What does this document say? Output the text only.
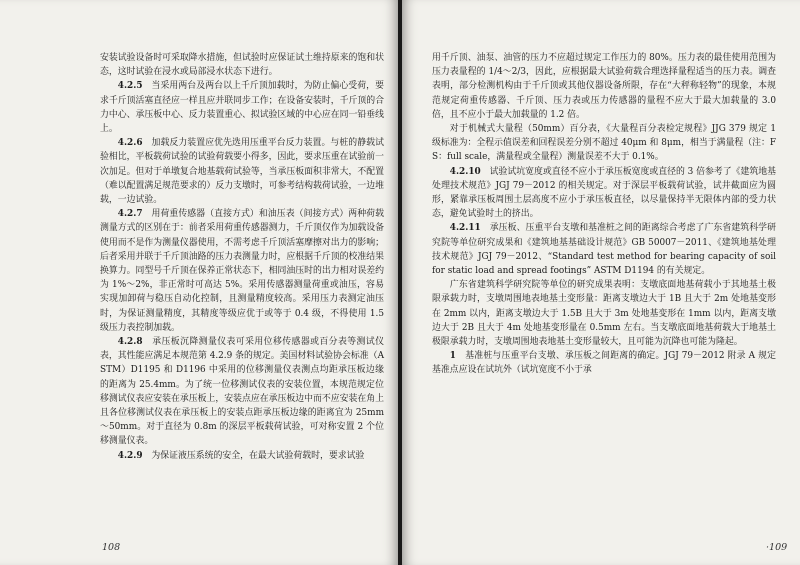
安装试验设备时可采取降水措施，但试验时应保证试土维持原来的饱和状态，这时试验在浸水或局部浸水状态下进行。

4.2.5　 当采用两台及两台以上千斤顶加载时，为防止偏心受荷，要求千斤顶活塞直径应一样且应并联同步工作；在设备安装时，千斤顶的合力中心、承压板中心、反力装置重心、拟试验区域的中心应在同一铅垂线上。

4.2.6　 加载反力装置应优先选用压重平台反力装置。与桩的静载试验相比，平板载荷试验的试验荷载要小得多，因此，要求压重在试验前一次加足。但对于单墩复合地基载荷试验等，当承压板面积非常大，不配置（难以配置满足规范要求的）反力支墩时，可参考结构载荷试验，一边堆载，一边试验。

4.2.7　 用荷重传感器（直接方式）和油压表（间接方式）两种荷载测量方式的区别在于：前者采用荷重传感器测力，千斤顶仅作为加载设备使用而不是作为测量仪器使用，不需考虑千斤顶活塞摩擦对出力的影响；后者采用并联于千斤顶油路的压力表测量力时，应根据千斤顶的校准结果换算力。同型号千斤顶在保养正常状态下，相同油压时的出力相对误差约为 1%～2%，非正常时可高达 5%。采用传感器测量荷重或油压，容易实现加卸荷与稳压自动化控制，且测量精度较高。采用压力表测定油压时，为保证测量精度，其精度等级应优于或等于 0.4 级，不得使用 1.5 级压力表控制加载。

4.2.8　 承压板沉降测量仪表可采用位移传感器或百分表等测试仪表，其性能应满足本规范第 4.2.9 条的规定。美国材料试验协会标准（ASTM）D1195 和 D1196 中采用的位移测量仪表测点均距承压板边缘的距离为 25.4mm。为了统一位移测试仪表的安装位置，本规范规定位移测试仪表应安装在承压板上，安装点应在承压板边中而不应安装在角上且各位移测试仪表在承压板上的安装点距承压板边缘的距离宜为 25mm～50mm。对于直径为 0.8m 的深层平板载荷试验，可对称安置 2 个位移测量仪表。

4.2.9　 为保证液压系统的安全，在最大试验荷载时，要求试验

108

用千斤顶、油泵、油管的压力不应超过规定工作压力的 80%。压力表的最佳使用范围为压力表量程的 1/4～2/3，因此，应根据最大试验荷载合理选择量程适当的压力表。调查表明，部分检测机构由于千斤顶或其他仪器设备所限，存在“大秤称轻物”的现象，本规范规定荷重传感器、千斤顶、压力表或压力传感器的量程不应大于最大加载量的 3.0 倍，且不应小于最大加载量的 1.2 倍。

对于机械式大量程（50mm）百分表，《大量程百分表检定规程》JJG 379 规定 1 级标准为：全程示值误差和回程误差分别不超过 40μm 和 8μm，相当于满量程（注：FS：full scale，满量程或全量程）测量误差不大于 0.1%。

4.2.10　 试验试坑宽度或直径不应小于承压板宽度或直径的 3 倍参考了《建筑地基处理技术规范》JGJ 79－2012 的相关规定。对于深层平板载荷试验，试井截面应为圆形，紧靠承压板周围土层高度不应小于承压板直径，以尽量保持半无限体内部的受力状态，避免试验时土的挤出。

4.2.11　 承压板、压重平台支墩和基准桩之间的距离综合考虑了广东省建筑科学研究院等单位研究成果和《建筑地基基础设计规范》GB 50007－2011、《建筑地基处理技术规范》JGJ 79－2012、“Standard test method for bearing capacity of soil for static load and spread footings” ASTM D1194 的有关规定。

广东省建筑科学研究院等单位的研究成果表明：支墩底面地基荷载小于其地基土极限承载力时，支墩周围地表地基土变形量：距离支墩边大于 1B 且大于 2m 处地基变形在 2mm 以内，距离支墩边大于 1.5B 且大于 3m 处地基变形在 1mm 以内，距离支墩边大于 2B 且大于 4m 处地基变形量在 0.5mm 左右。当支墩底面地基荷载大于地基土极限承载力时，支墩周围地表地基土变形量较大，且可能为沉降也可能为隆起。

1　 基准桩与压重平台支墩、承压板之间距离的确定。JGJ 79－2012 附录 A 规定基准点应设在试坑外（试坑宽度不小于承

·109
